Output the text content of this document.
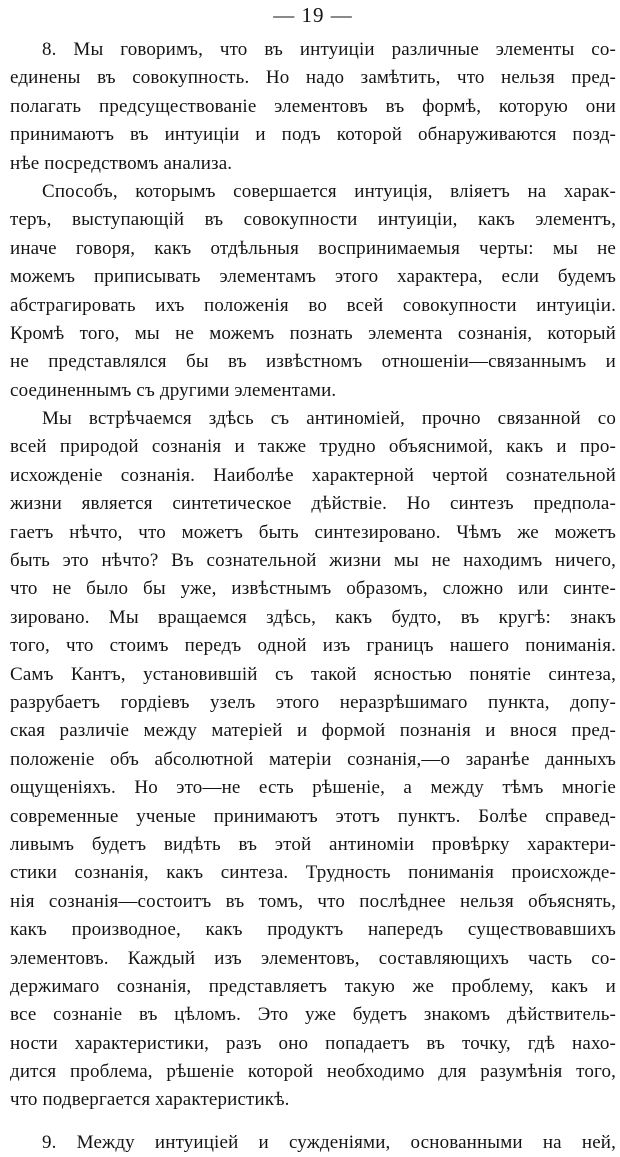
— 19 —
8. Мы говоримъ, что въ интуиціи различные элементы со-
единены въ совокупность. Но надо замѣтить, что нельзя пред-
полагать предсуществованіе элементовъ въ формѣ, которую они
принимаютъ въ интуиціи и подъ которой обнаруживаются позд-
нѣе посредствомъ анализа.
Способъ, которымъ совершается интуиція, вліяетъ на харак-
теръ, выступающій въ совокупности интуиціи, какъ элементъ,
иначе говоря, какъ отдѣльныя воспринимаемыя черты: мы не
можемъ приписывать элементамъ этого характера, если будемъ
абстрагировать ихъ положенія во всей совокупности интуиціи.
Кромѣ того, мы не можемъ познать элемента сознанія, который
не представлялся бы въ извѣстномъ отношеніи—связаннымъ и
соединеннымъ съ другими элементами.
Мы встрѣчаемся здѣсь съ антиноміей, прочно связанной со
всей природой сознанія и также трудно объяснимой, какъ и про-
исхожденіе сознанія. Наиболѣе характерной чертой сознательной
жизни является синтетическое дѣйствіе. Но синтезъ предпола-
гаетъ нѣчто, что можетъ быть синтезировано. Чѣмъ же можетъ
быть это нѣчто? Въ сознательной жизни мы не находимъ ничего,
что не было бы уже, извѣстнымъ образомъ, сложно или синте-
зировано. Мы вращаемся здѣсь, какъ будто, въ кругѣ: знакъ
того, что стоимъ передъ одной изъ границъ нашего пониманія.
Самъ Кантъ, установившій съ такой ясностью понятіе синтеза,
разрубаетъ гордіевъ узелъ этого неразрѣшимаго пункта, допу-
ская различіе между матеріей и формой познанія и внося пред-
положеніе объ абсолютной матеріи сознанія,—о заранѣе данныхъ
ощущеніяхъ. Но это—не есть рѣшеніе, а между тѣмъ многіе
современные ученые принимаютъ этотъ пунктъ. Болѣе справед-
ливымъ будетъ видѣть въ этой антиноміи провѣрку характери-
стики сознанія, какъ синтеза. Трудность пониманія происхожде-
нія сознанія—состоитъ въ томъ, что послѣднее нельзя объяснять,
какъ производное, какъ продуктъ напередъ существовавшихъ
элементовъ. Каждый изъ элементовъ, составляющихъ часть со-
держимаго сознанія, представляетъ такую же проблему, какъ и
все сознаніе въ цѣломъ. Это уже будетъ знакомъ дѣйствитель-
ности характеристики, разъ оно попадаетъ въ точку, гдѣ нахо-
дится проблема, рѣшеніе которой необходимо для разумѣнія того,
что подвергается характеристикѣ.
9. Между интуиціей и сужденіями, основанными на ней,
